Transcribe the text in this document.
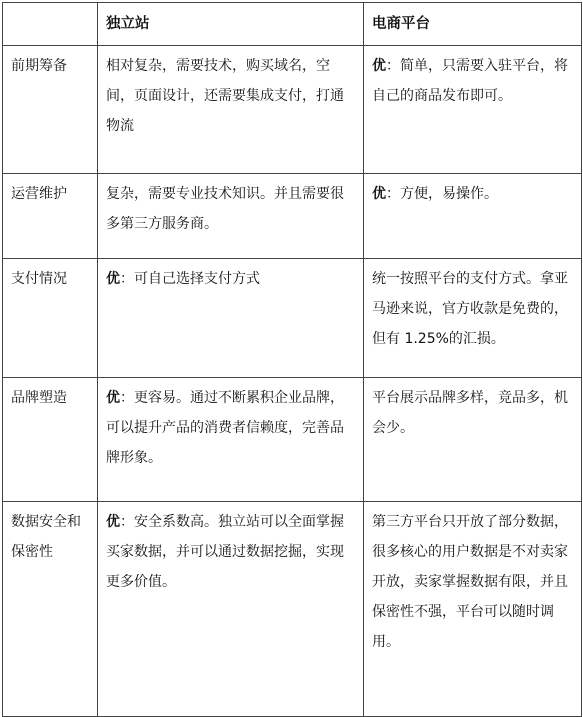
	独立站	电商平台
前期筹备	相对复杂，需要技术，购买域名，空间，页面设计，还需要集成支付，打通物流	优：简单，只需要入驻平台，将自己的商品发布即可。
运营维护	复杂，需要专业技术知识。并且需要很多第三方服务商。	优：方便，易操作。
支付情况	优：可自己选择支付方式	统一按照平台的支付方式。拿亚马逊来说，官方收款是免费的，但有 1.25%的汇损。
品牌塑造	优：更容易。通过不断累积企业品牌，可以提升产品的消费者信赖度，完善品牌形象。	平台展示品牌多样，竞品多，机会少。
数据安全和保密性	优：安全系数高。独立站可以全面掌握买家数据，并可以通过数据挖掘，实现更多价值。	第三方平台只开放了部分数据，很多核心的用户数据是不对卖家开放，卖家掌握数据有限，并且保密性不强，平台可以随时调用。
